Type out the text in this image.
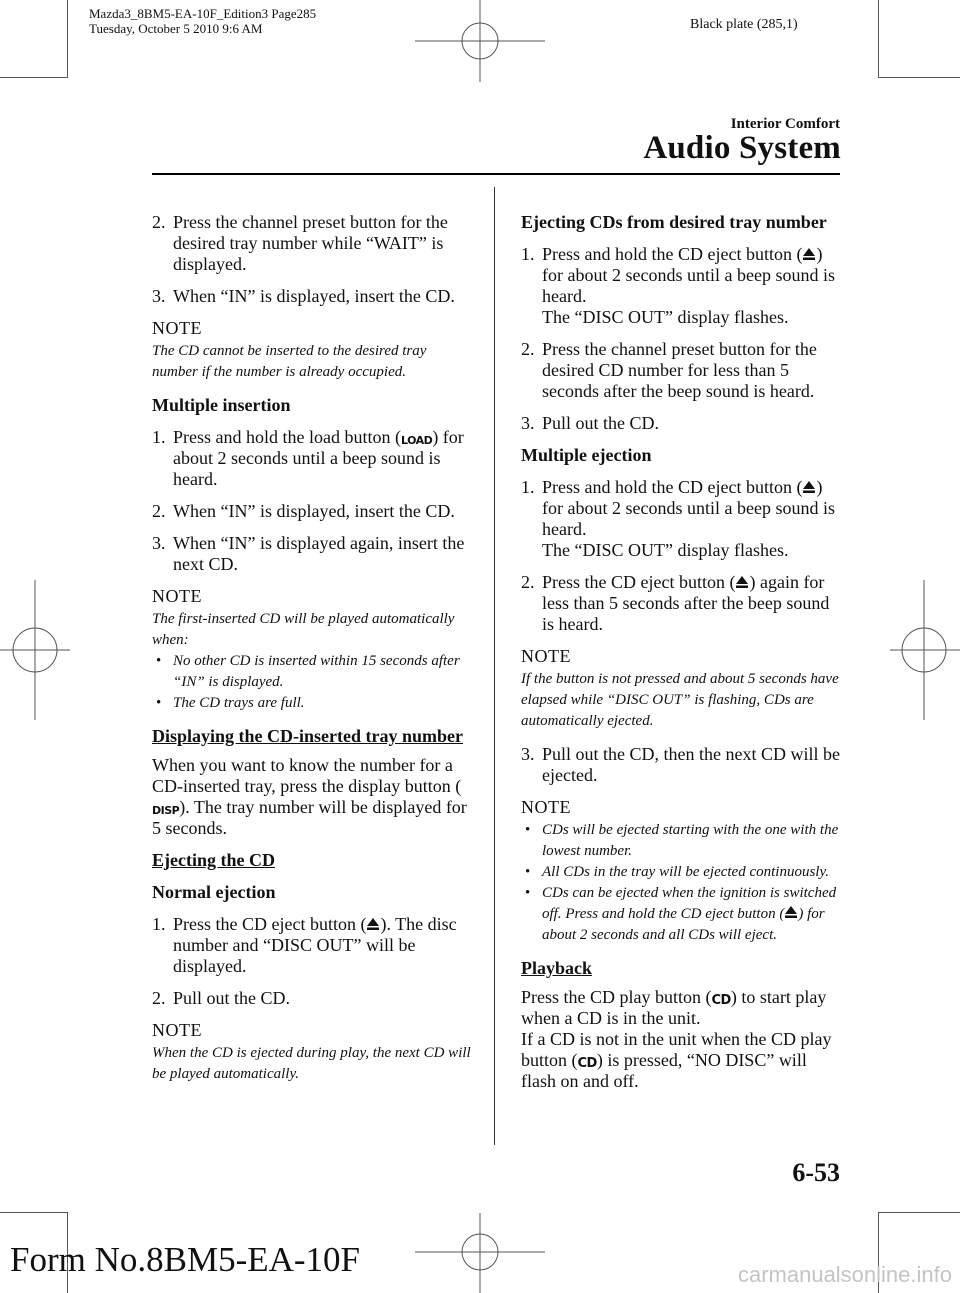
Mazda3_8BM5-EA-10F_Edition3 Page285
Tuesday, October 5 2010 9:6 AM	Black plate (285,1)
Interior Comfort
Audio System
2. Press the channel preset button for the desired tray number while “WAIT” is displayed.
3. When “IN” is displayed, insert the CD.
NOTE
The CD cannot be inserted to the desired tray number if the number is already occupied.
Multiple insertion
1. Press and hold the load button (LOAD) for about 2 seconds until a beep sound is heard.
2. When “IN” is displayed, insert the CD.
3. When “IN” is displayed again, insert the next CD.
NOTE
The first-inserted CD will be played automatically when:
• No other CD is inserted within 15 seconds after “IN” is displayed.
• The CD trays are full.
Displaying the CD-inserted tray number
When you want to know the number for a CD-inserted tray, press the display button (DISP). The tray number will be displayed for 5 seconds.
Ejecting the CD
Normal ejection
1. Press the CD eject button ( ). The disc number and “DISC OUT” will be displayed.
2. Pull out the CD.
NOTE
When the CD is ejected during play, the next CD will be played automatically.
Ejecting CDs from desired tray number
1. Press and hold the CD eject button ( ) for about 2 seconds until a beep sound is heard.
The “DISC OUT” display flashes.
2. Press the channel preset button for the desired CD number for less than 5 seconds after the beep sound is heard.
3. Pull out the CD.
Multiple ejection
1. Press and hold the CD eject button ( ) for about 2 seconds until a beep sound is heard.
The “DISC OUT” display flashes.
2. Press the CD eject button ( ) again for less than 5 seconds after the beep sound is heard.
NOTE
If the button is not pressed and about 5 seconds have elapsed while “DISC OUT” is flashing, CDs are automatically ejected.
3. Pull out the CD, then the next CD will be ejected.
NOTE
• CDs will be ejected starting with the one with the lowest number.
• All CDs in the tray will be ejected continuously.
• CDs can be ejected when the ignition is switched off. Press and hold the CD eject button ( ) for about 2 seconds and all CDs will eject.
Playback
Press the CD play button (CD) to start play when a CD is in the unit.
If a CD is not in the unit when the CD play button (CD) is pressed, “NO DISC” will flash on and off.
6-53
Form No.8BM5-EA-10F	carmanualsonline.info
